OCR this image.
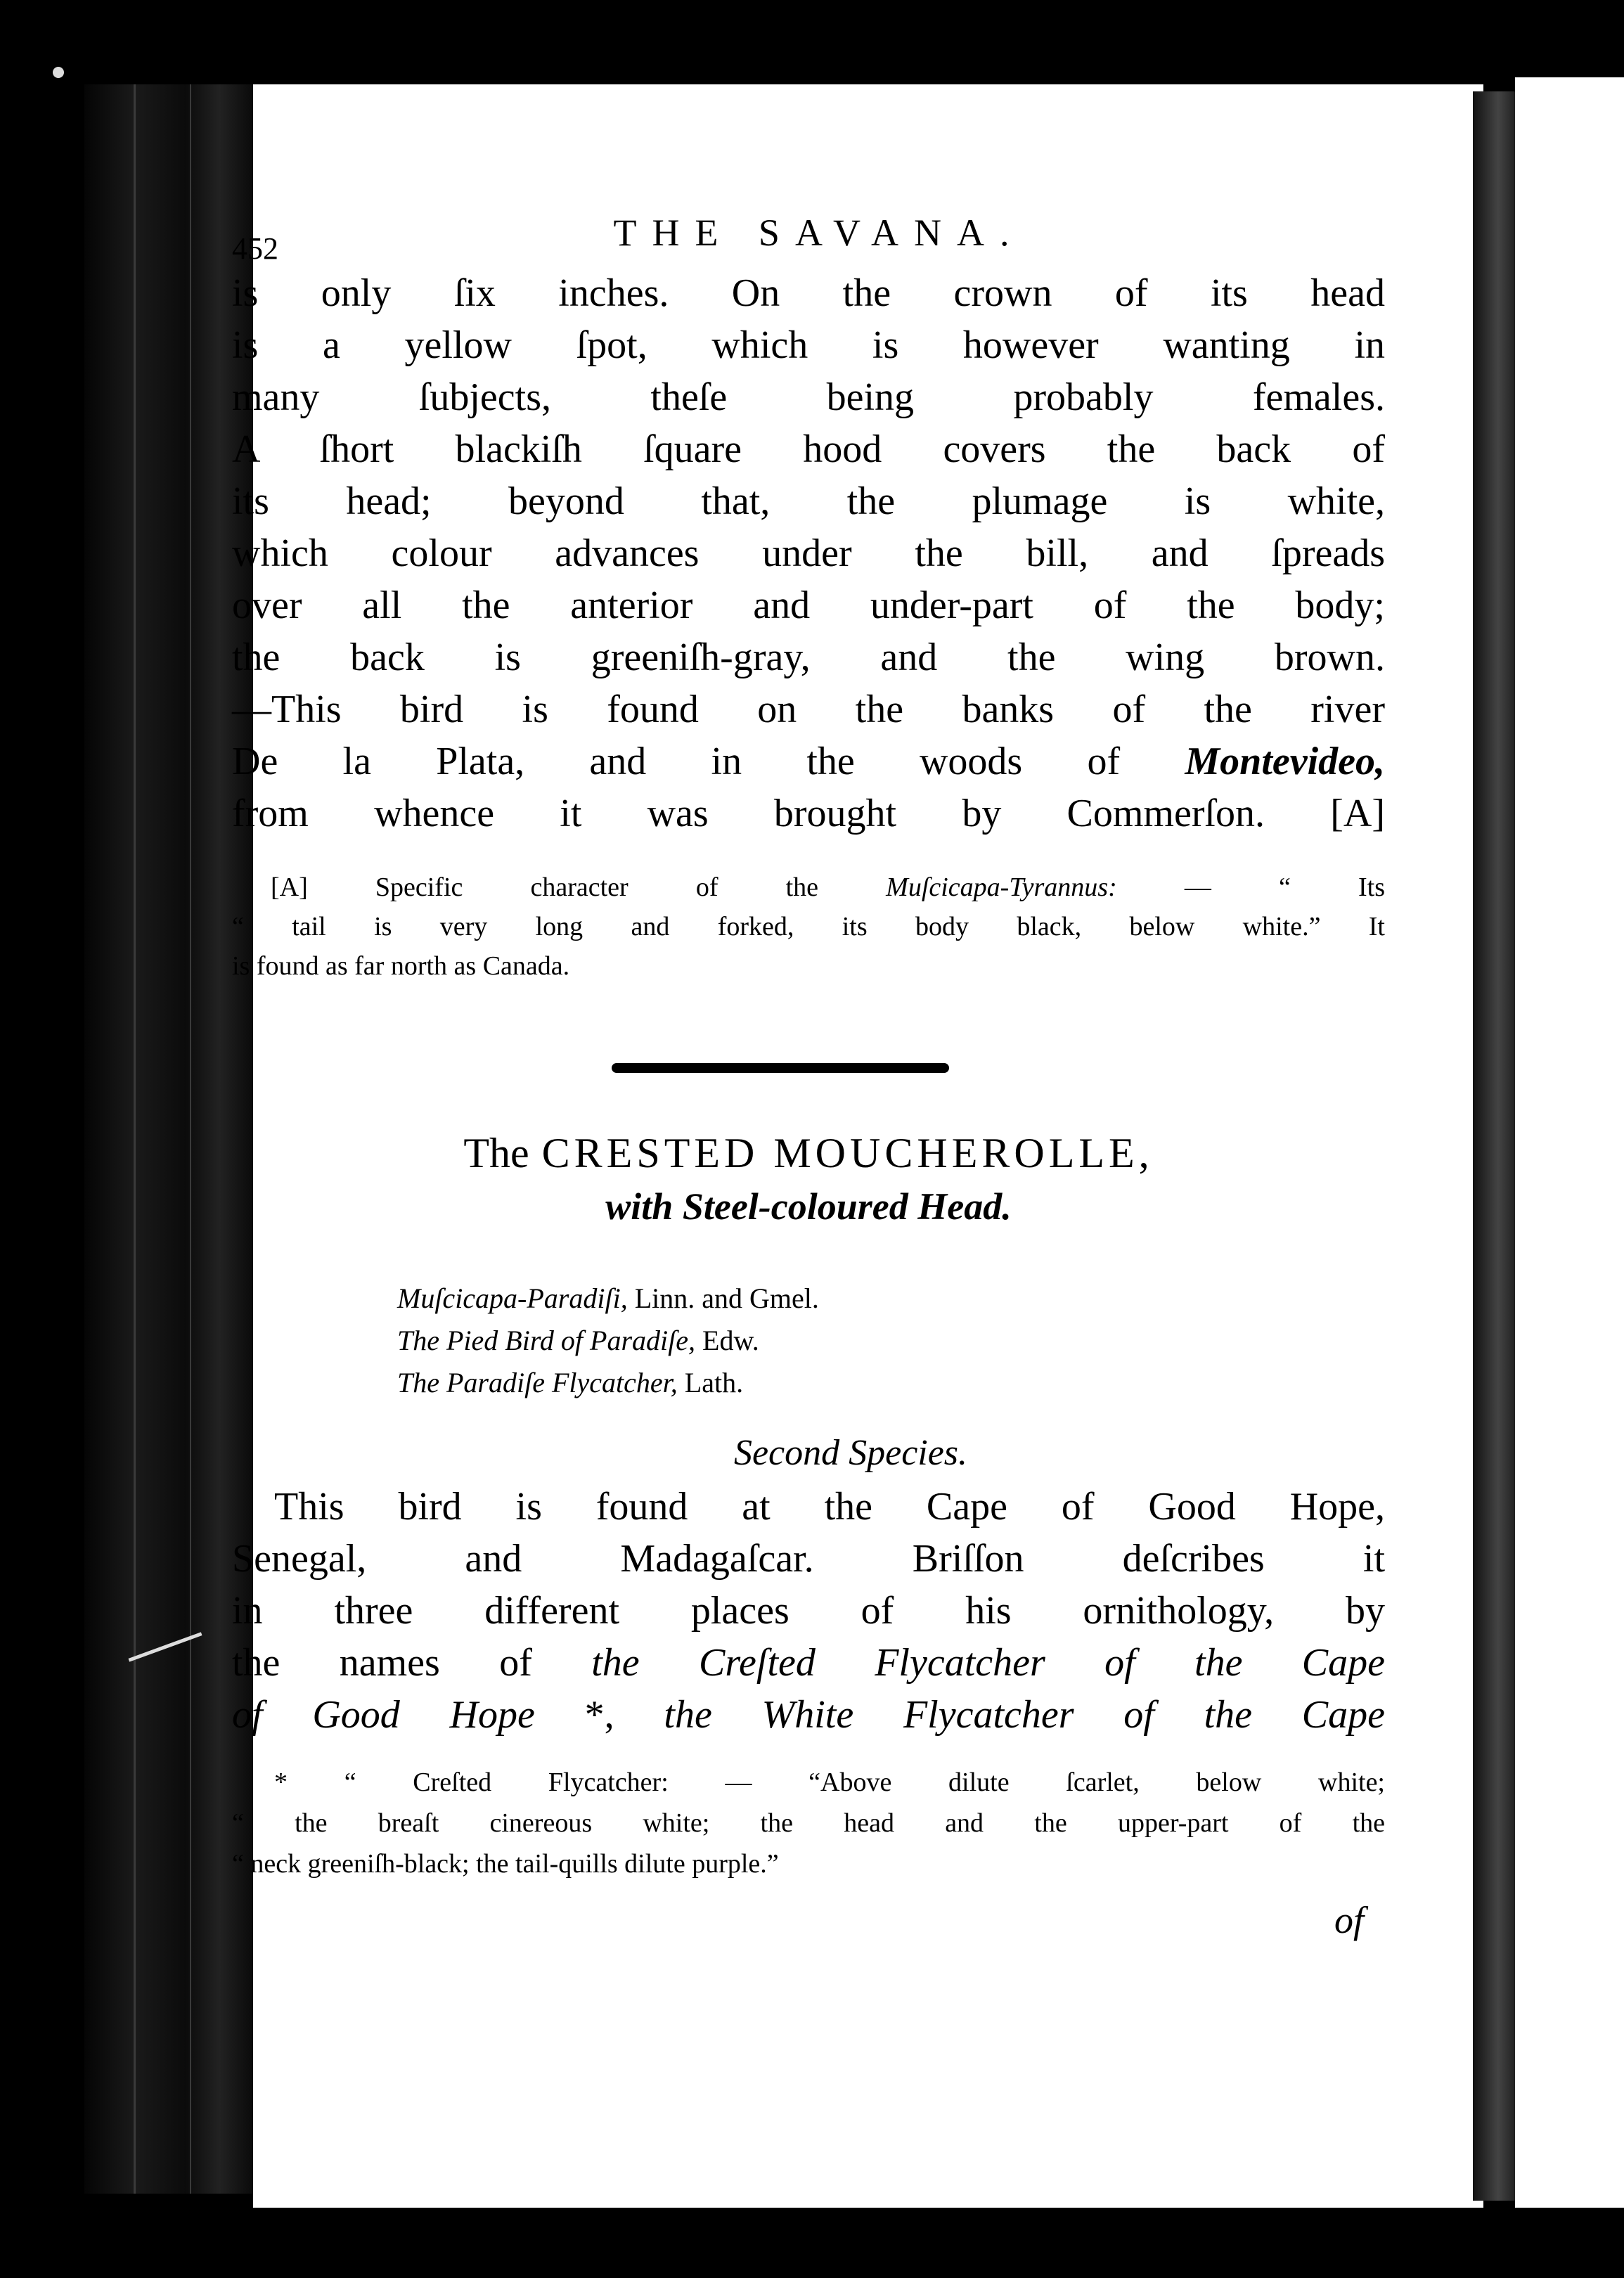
452	THE SAVANA.
is only ſix inches. On the crown of its head
is a yellow ſpot, which is however wanting in
many ſubjects, theſe being probably females.
A ſhort blackiſh ſquare hood covers the back of
its head; beyond that, the plumage is white,
which colour advances under the bill, and ſpreads
over all the anterior and under-part of the body;
the back is greeniſh-gray, and the wing brown.
—This bird is found on the banks of the river
De la Plata, and in the woods of Montevideo,
from whence it was brought by Commerſon. [A]
[A] Specific character of the Muſcicapa-Tyrannus: — “ Its
“ tail is very long and forked, its body black, below white.” It
is found as far north as Canada.
The CRESTED MOUCHEROLLE,
with Steel-coloured Head.
Muſcicapa-Paradiſi, Linn. and Gmel.
The Pied Bird of Paradiſe, Edw.
The Paradiſe Flycatcher, Lath.
Second Species.
This bird is found at the Cape of Good Hope,
Senegal, and Madagaſcar. Briſſon deſcribes it
in three different places of his ornithology, by
the names of the Creſted Flycatcher of the Cape
of Good Hope *, the White Flycatcher of the Cape
* “ Creſted Flycatcher: — “Above dilute ſcarlet, below white;
“ the breaſt cinereous white; the head and the upper-part of the
“ neck greeniſh-black; the tail-quills dilute purple.”
of
